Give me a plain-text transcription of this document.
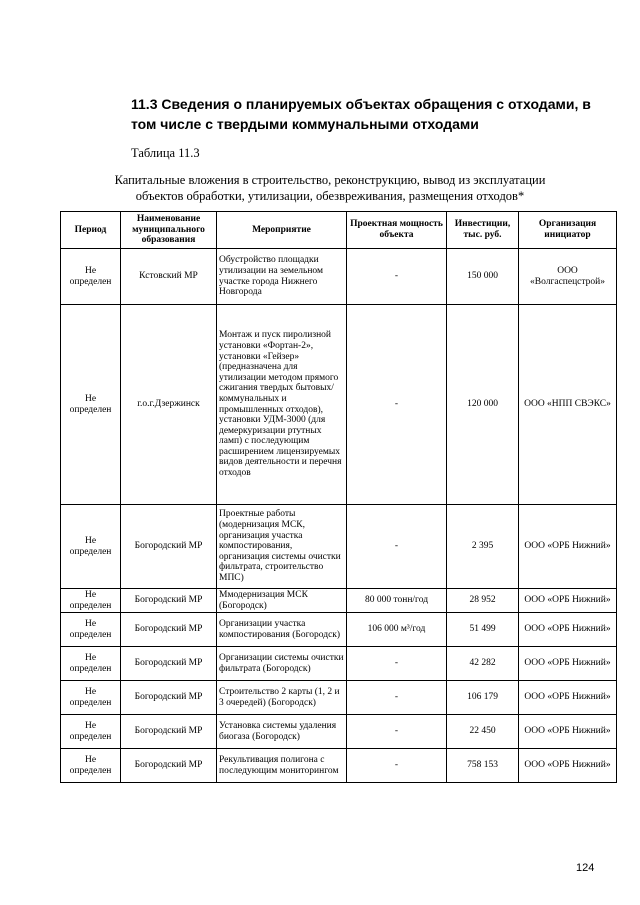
11.3 Сведения о планируемых объектах обращения с отходами, в том числе с твердыми коммунальными отходами

Таблица 11.3

Капитальные вложения в строительство, реконструкцию, вывод из эксплуатации
объектов обработки, утилизации, обезвреживания, размещения отходов*

Период	Наименование муниципального образования	Мероприятие	Проектная мощность объекта	Инвестиции, тыс. руб.	Организация инициатор
Не определен	Кстовский МР	Обустройство площадки утилизации на земельном участке города Нижнего Новгорода	-	150 000	ООО «Волгаспецстрой»
Не определен	г.о.г.Дзержинск	Монтаж и пуск пиролизной установки «Фортан-2», установки «Гейзер» (предназначена для утилизации методом прямого сжигания твердых бытовых/коммунальных и промышленных отходов), установки УДМ-3000 (для демеркуризации ртутных ламп) с последующим расширением лицензируемых видов деятельности и перечня отходов	-	120 000	ООО «НПП СВЭКС»
Не определен	Богородский МР	Проектные работы (модернизация МСК, организация участка компостирования, организация системы очистки фильтрата, строительство МПС)	-	2 395	ООО «ОРБ Нижний»
Не определен	Богородский МР	Ммодернизация МСК (Богородск)	80 000 тонн/год	28 952	ООО «ОРБ Нижний»
Не определен	Богородский МР	Организации участка компостирования (Богородск)	106 000 м³/год	51 499	ООО «ОРБ Нижний»
Не определен	Богородский МР	Организации системы очистки фильтрата (Богородск)	-	42 282	ООО «ОРБ Нижний»
Не определен	Богородский МР	Строительство 2 карты (1, 2 и 3 очередей) (Богородск)	-	106 179	ООО «ОРБ Нижний»
Не определен	Богородский МР	Установка системы удаления биогаза (Богородск)	-	22 450	ООО «ОРБ Нижний»
Не определен	Богородский МР	Рекультивация полигона с последующим мониторингом	-	758 153	ООО «ОРБ Нижний»

124
